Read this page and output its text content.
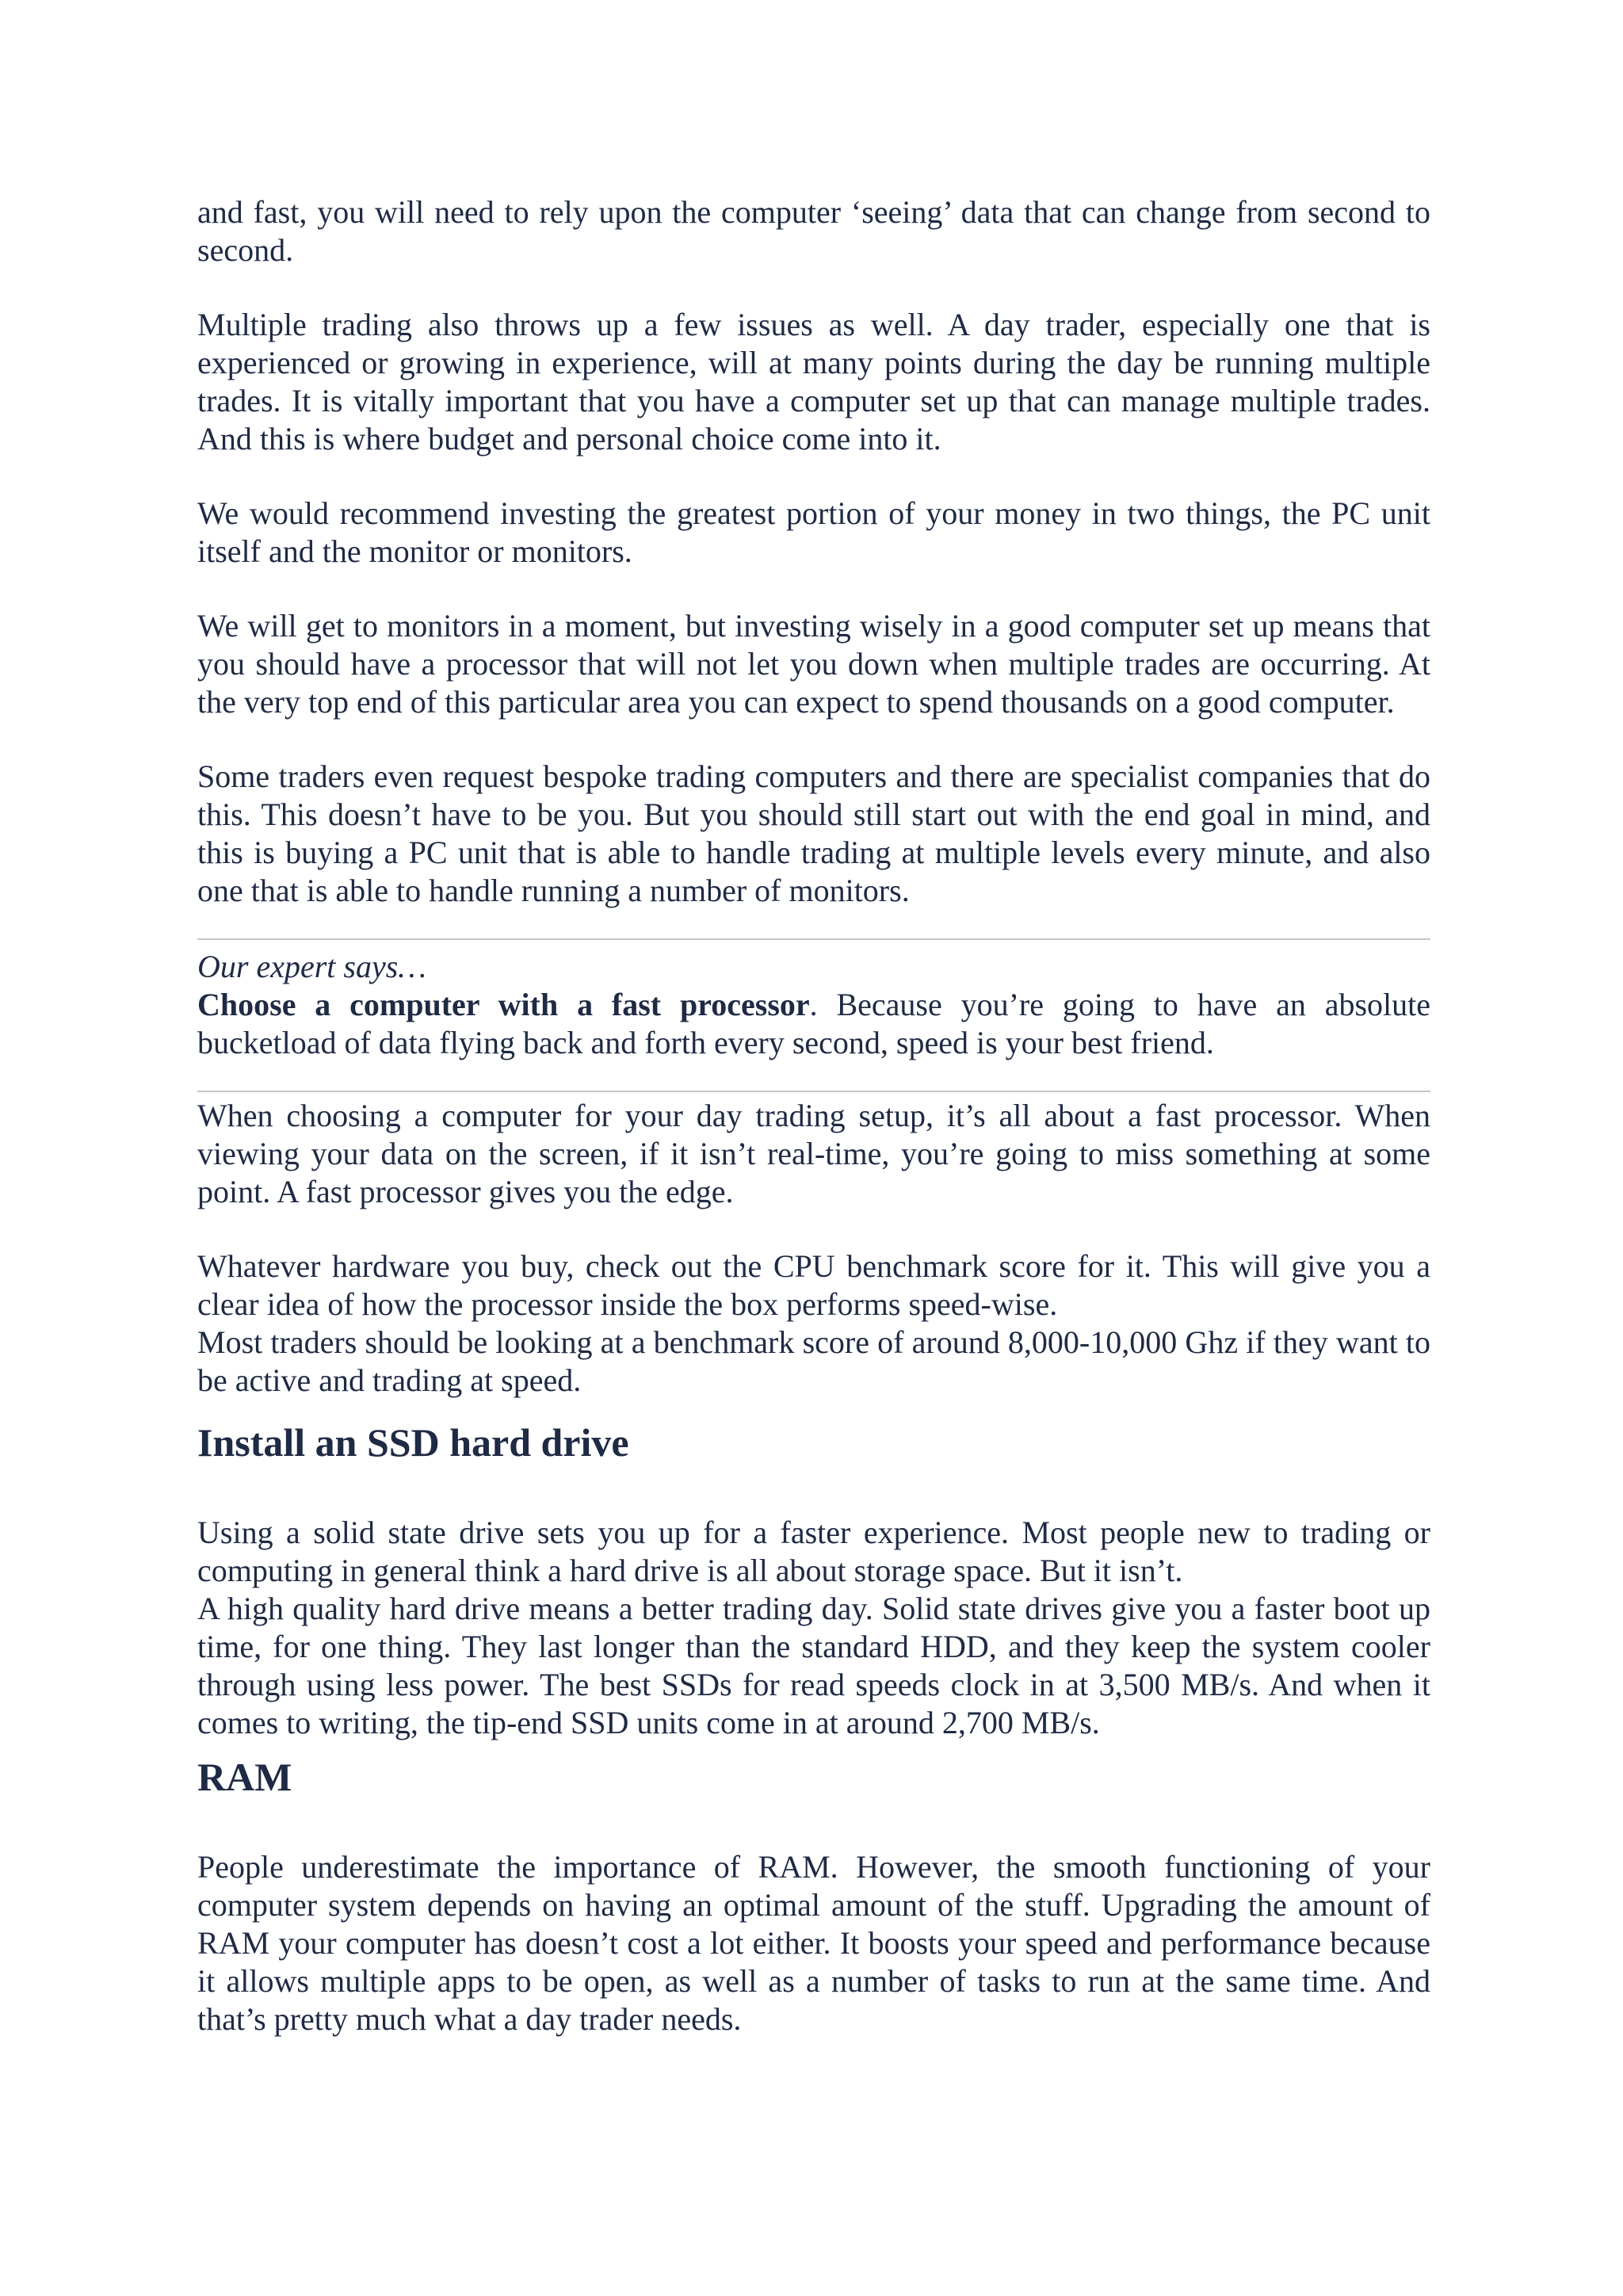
and fast, you will need to rely upon the computer ‘seeing’ data that can change from second to second.

Multiple trading also throws up a few issues as well. A day trader, especially one that is experienced or growing in experience, will at many points during the day be running multiple trades. It is vitally important that you have a computer set up that can manage multiple trades. And this is where budget and personal choice come into it.

We would recommend investing the greatest portion of your money in two things, the PC unit itself and the monitor or monitors.

We will get to monitors in a moment, but investing wisely in a good computer set up means that you should have a processor that will not let you down when multiple trades are occurring. At the very top end of this particular area you can expect to spend thousands on a good computer.

Some traders even request bespoke trading computers and there are specialist companies that do this. This doesn’t have to be you. But you should still start out with the end goal in mind, and this is buying a PC unit that is able to handle trading at multiple levels every minute, and also one that is able to handle running a number of monitors.

Our expert says…

Choose a computer with a fast processor. Because you’re going to have an absolute bucketload of data flying back and forth every second, speed is your best friend.

When choosing a computer for your day trading setup, it’s all about a fast processor. When viewing your data on the screen, if it isn’t real-time, you’re going to miss something at some point. A fast processor gives you the edge.

Whatever hardware you buy, check out the CPU benchmark score for it. This will give you a clear idea of how the processor inside the box performs speed-wise.

Most traders should be looking at a benchmark score of around 8,000-10,000 Ghz if they want to be active and trading at speed.

Install an SSD hard drive

Using a solid state drive sets you up for a faster experience. Most people new to trading or computing in general think a hard drive is all about storage space. But it isn’t.

A high quality hard drive means a better trading day. Solid state drives give you a faster boot up time, for one thing. They last longer than the standard HDD, and they keep the system cooler through using less power. The best SSDs for read speeds clock in at 3,500 MB/s. And when it comes to writing, the tip-end SSD units come in at around 2,700 MB/s.

RAM

People underestimate the importance of RAM. However, the smooth functioning of your computer system depends on having an optimal amount of the stuff. Upgrading the amount of RAM your computer has doesn’t cost a lot either. It boosts your speed and performance because it allows multiple apps to be open, as well as a number of tasks to run at the same time. And that’s pretty much what a day trader needs.
